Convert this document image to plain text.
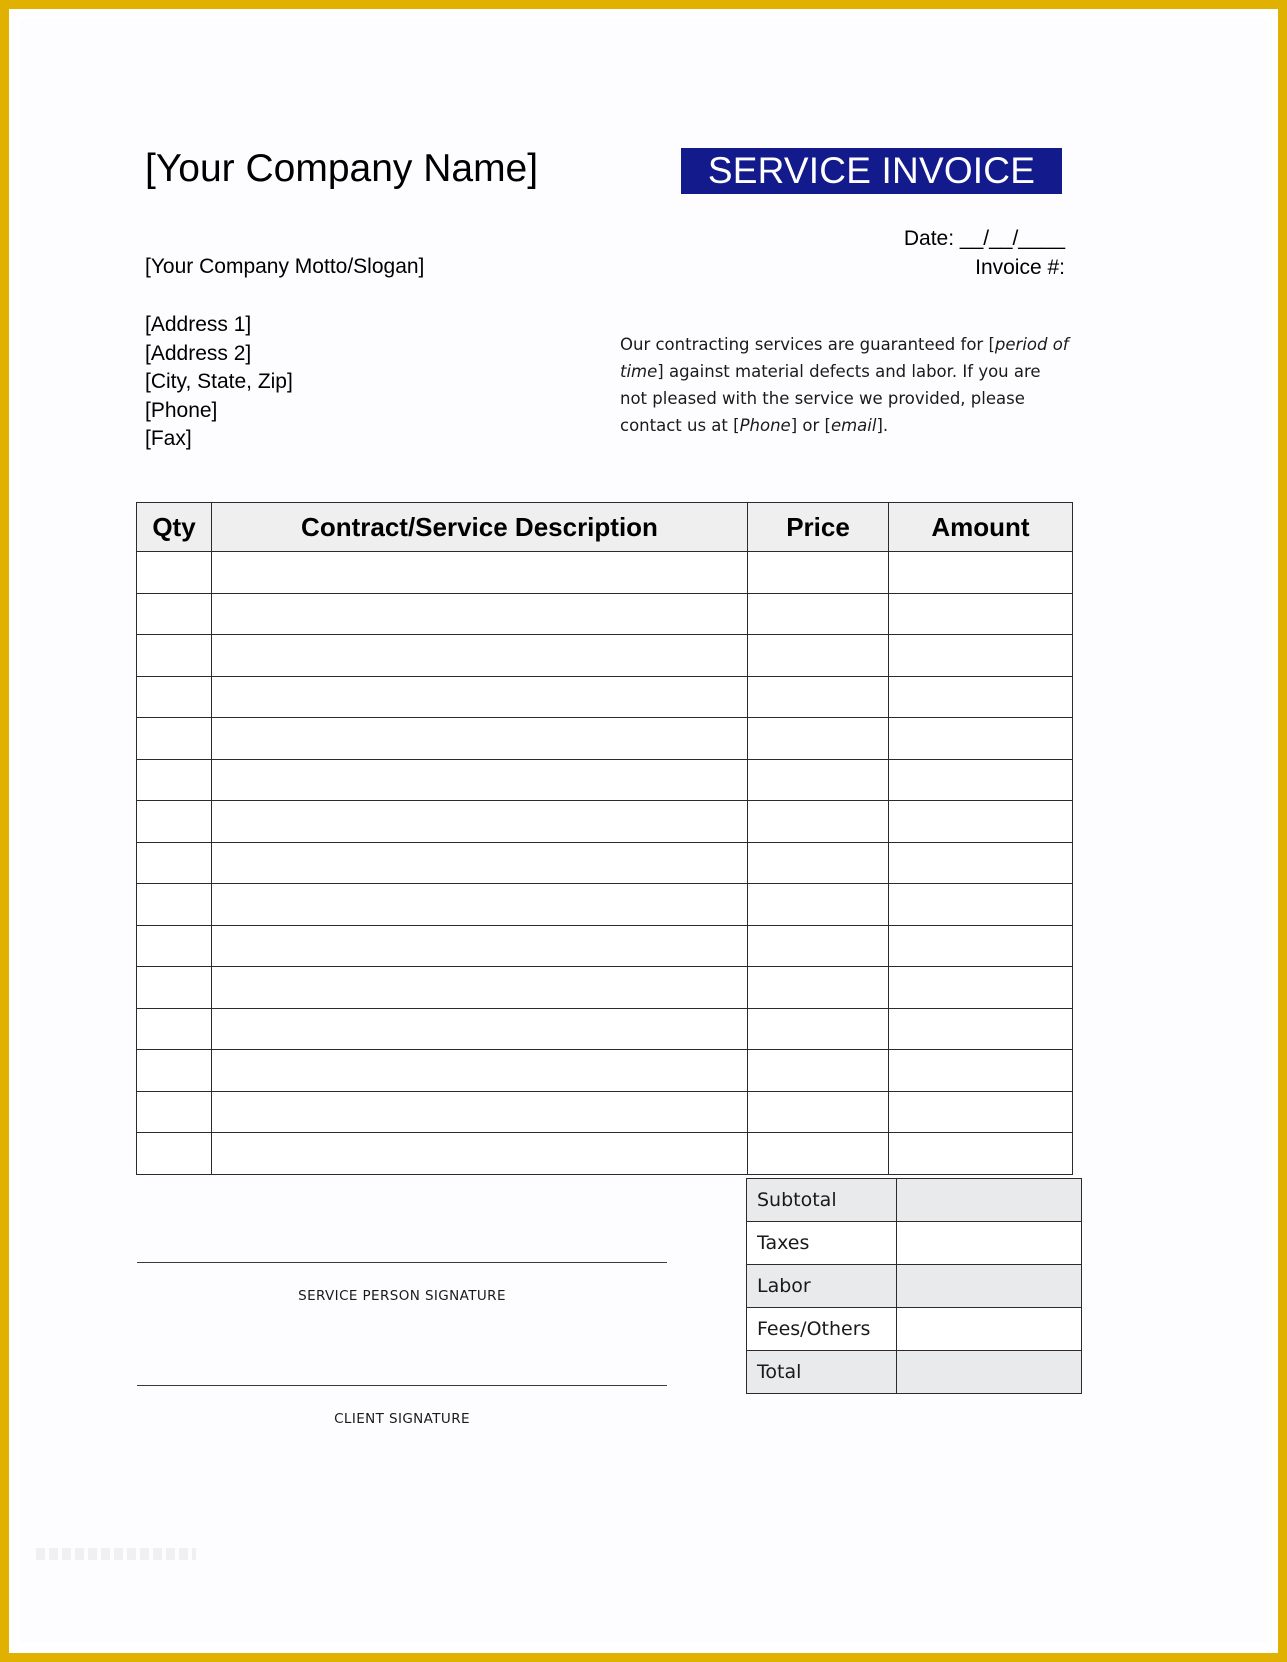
[Your Company Name]	SERVICE INVOICE
Date: __/__/____
Invoice #:
[Your Company Motto/Slogan]
[Address 1]
[Address 2]
[City, State, Zip]
[Phone]
[Fax]
Our contracting services are guaranteed for [period of time] against material defects and labor. If you are not pleased with the service we provided, please contact us at [Phone] or [email].
Qty	Contract/Service Description	Price	Amount

Subtotal	
Taxes	
Labor	
Fees/Others	
Total	
SERVICE PERSON SIGNATURE
CLIENT SIGNATURE
